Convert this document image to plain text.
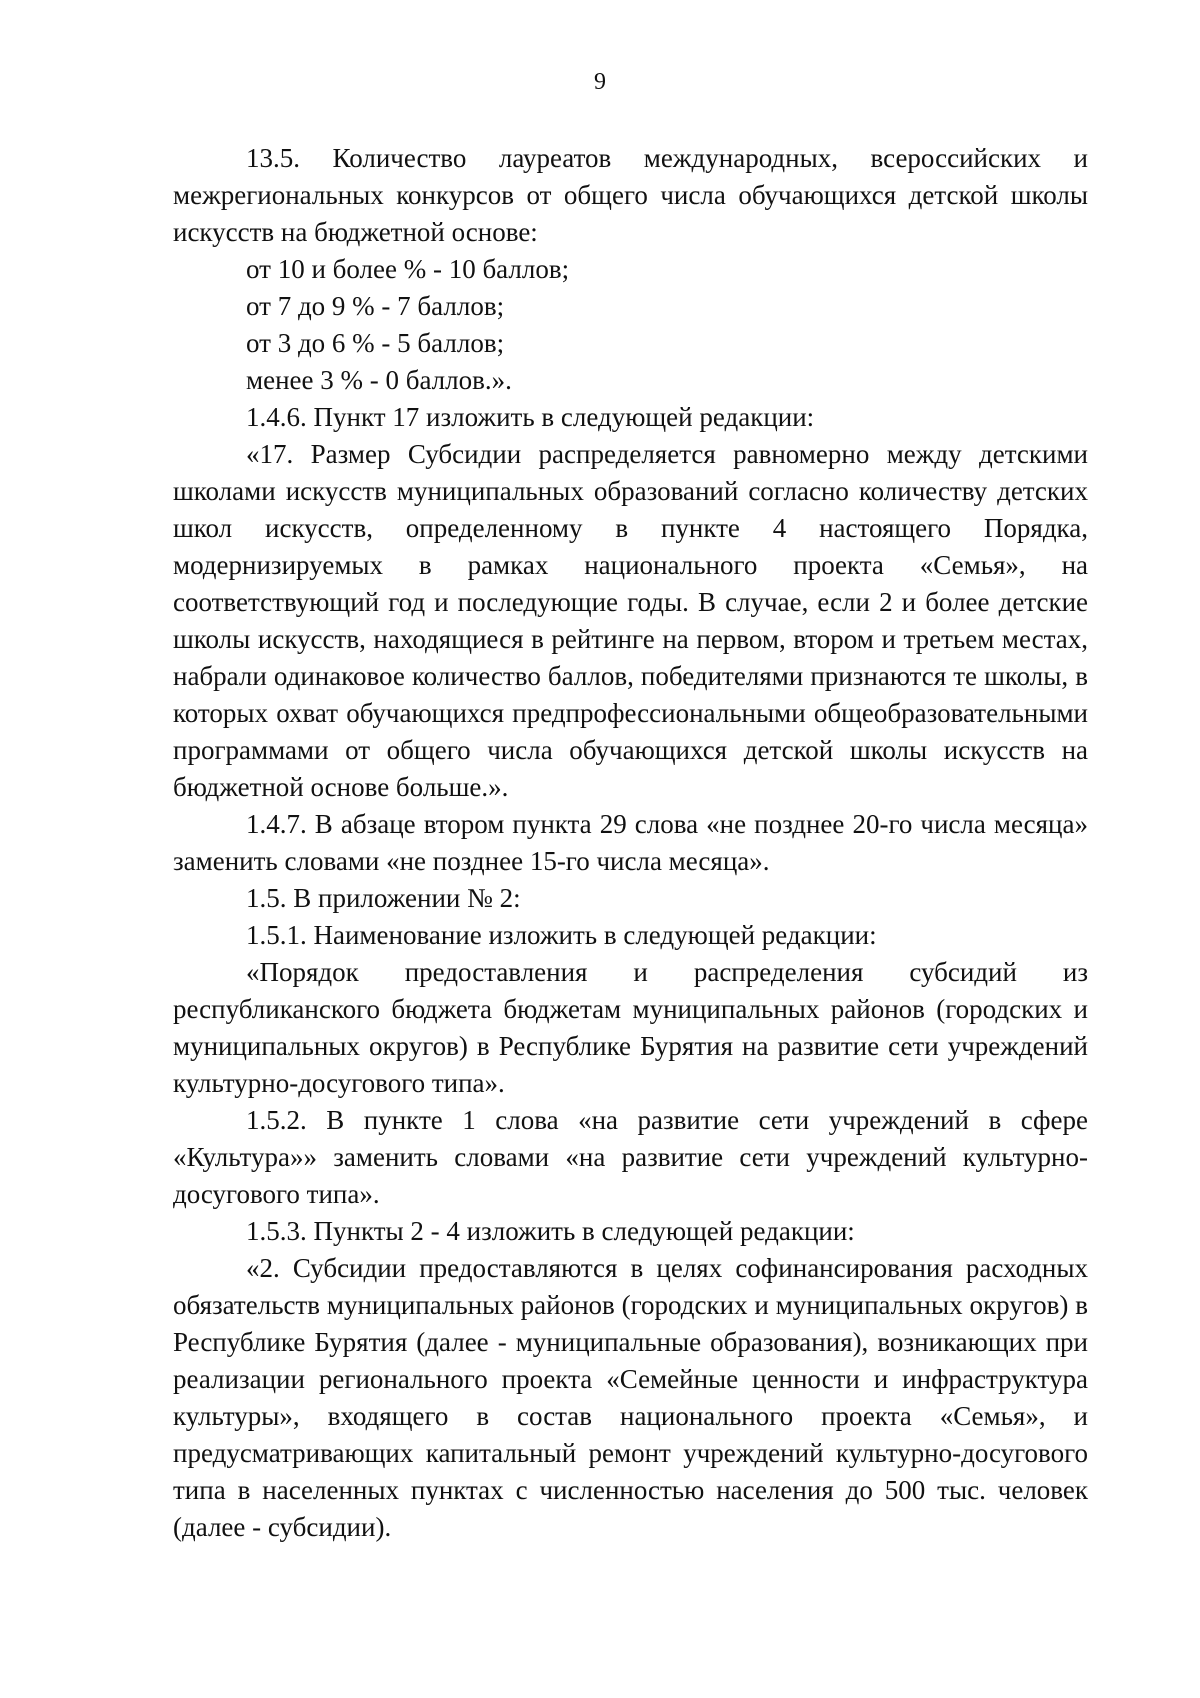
9

13.5. Количество лауреатов международных, всероссийских и межрегиональных конкурсов от общего числа обучающихся детской школы искусств на бюджетной основе:

от 10 и более % - 10 баллов;

от 7 до 9 % - 7 баллов;

от 3 до 6 % - 5 баллов;

менее 3 % - 0 баллов.».

1.4.6. Пункт 17 изложить в следующей редакции:

«17. Размер Субсидии распределяется равномерно между детскими школами искусств муниципальных образований согласно количеству детских школ искусств, определенному в пункте 4 настоящего Порядка, модернизируемых в рамках национального проекта «Семья», на соответствующий год и последующие годы. В случае, если 2 и более детские школы искусств, находящиеся в рейтинге на первом, втором и третьем местах, набрали одинаковое количество баллов, победителями признаются те школы, в которых охват обучающихся предпрофессиональными общеобразовательными программами от общего числа обучающихся детской школы искусств на бюджетной основе больше.».

1.4.7. В абзаце втором пункта 29 слова «не позднее 20-го числа месяца» заменить словами «не позднее 15-го числа месяца».

1.5. В приложении № 2:

1.5.1. Наименование изложить в следующей редакции:

«Порядок предоставления и распределения субсидий из республиканского бюджета бюджетам муниципальных районов (городских и муниципальных округов) в Республике Бурятия на развитие сети учреждений культурно-досугового типа».

1.5.2. В пункте 1 слова «на развитие сети учреждений в сфере «Культура»» заменить словами «на развитие сети учреждений культурно-досугового типа».

1.5.3. Пункты 2 - 4 изложить в следующей редакции:

«2. Субсидии предоставляются в целях софинансирования расходных обязательств муниципальных районов (городских и муниципальных округов) в Республике Бурятия (далее - муниципальные образования), возникающих при реализации регионального проекта «Семейные ценности и инфраструктура культуры», входящего в состав национального проекта «Семья», и предусматривающих капитальный ремонт учреждений культурно-досугового типа в населенных пунктах с численностью населения до 500 тыс. человек (далее - субсидии).
